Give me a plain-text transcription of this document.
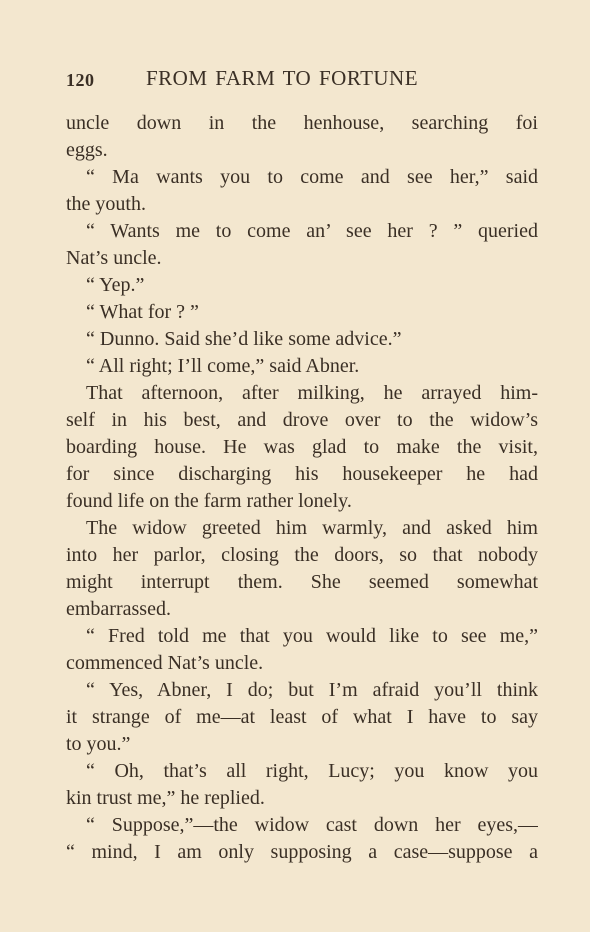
120 FROM FARM TO FORTUNE
uncle down in the henhouse, searching foi
eggs.
“ Ma wants you to come and see her,” said
the youth.
“ Wants me to come an’ see her ? ” queried
Nat’s uncle.
“ Yep.”
“ What for ? ”
“ Dunno. Said she’d like some advice.”
“ All right; I’ll come,” said Abner.
That afternoon, after milking, he arrayed him-
self in his best, and drove over to the widow’s
boarding house. He was glad to make the visit,
for since discharging his housekeeper he had
found life on the farm rather lonely.
The widow greeted him warmly, and asked him
into her parlor, closing the doors, so that nobody
might interrupt them. She seemed somewhat
embarrassed.
“ Fred told me that you would like to see me,”
commenced Nat’s uncle.
“ Yes, Abner, I do; but I’m afraid you’ll think
it strange of me—at least of what I have to say
to you.”
“ Oh, that’s all right, Lucy; you know you
kin trust me,” he replied.
“ Suppose,”—the widow cast down her eyes,—
“ mind, I am only supposing a case—suppose a
